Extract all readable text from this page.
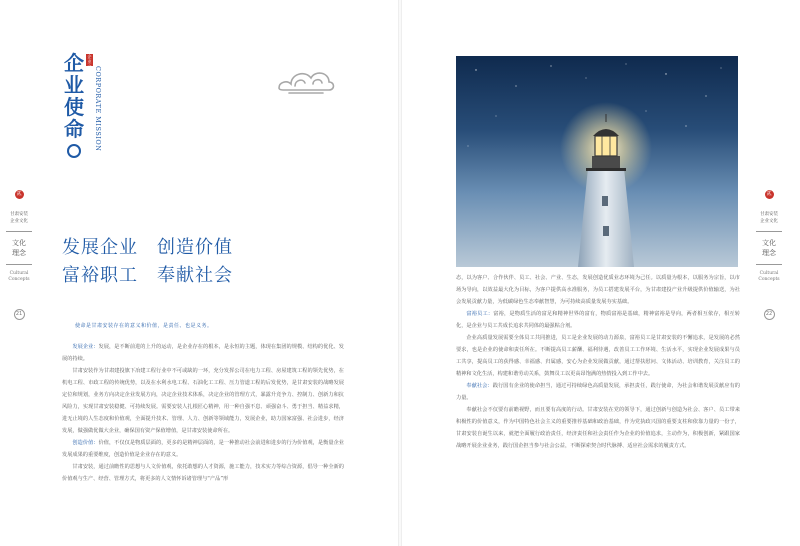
企业文化
企
业
使
命 CORPORATE MISSION
贰
甘肃安装
企业文化
文化
理念
Cultural
Concepts
21
发展企业　创造价值
富裕职工　奉献社会
使命是甘肃安装存在的意义和价值，是责任、也是义务。

发展企业：发展，是不断前进的上升的运动，是企业存在的根本，是永恒的主题，体现在集团的规模、结构的优化、发展的持续。

甘肃安装作为甘肃建投旗下冶建工程行业中不可或缺的一环，充分发挥公司在电力工程、房屋建筑工程的领先优势，在机电工程、市政工程的传统优势，以及在水利水电工程、石油化工工程、压力管道工程的后发优势，是甘肃安装的战略发展定位和规划，业务方向决定企业发展方向，决定企业技术体系，决定企业的管理方式，暴露升竞争力、控制力、创新力和抗风险力，实现甘肃安装稳健、可持续发展。需要安装人扎根匠心精神，用一种自强不息、顽强奋斗、勇于担当、精益求精，进无止境的人生态度和价值观，全面提升技术、管理、人力、创新等领域能力，发展企业，助力国家富强、社会进步，经济发展，做强做优做大企业，确保国有资产保值增值，是甘肃安装使命所在。

创造价值：价值，不仅仅是物质层面的，更多的是精神层面的，是一种推动社会前进和进步的行为价值观，是衡量企业发展成果的重要维度，创造价值是企业存在的意义。

甘肃安装，通过前瞻性的思想与人文价值观，依托敢想的人才资源，施工能力，技术实力等综合资源，倡导一种全新的价值观与生产、经营、管理方式，将更多的人文情怀诉诸管理与“产品”形

贰
甘肃安装
企业文化
文化
理念
Cultural
Concepts
22

态，以为客户、合作伙伴、员工、社会、产业、生态，发展创造优质业态环境为己任。以质量为根本，以服务为宗旨，以市场为导向，以效益最大化为目标，为客户提供高水准服务，为员工搭建发展平台，为甘肃建投产业升级提供价值输送，为社会发展贡献力量，为低碳绿色生态奉献智慧，为可持续高质量发展夯实基础。

富裕员工：富裕，是物质生活的富足和精神世界的富有，物质富裕是基础，精神富裕是导向，两者相互依存，相互转化，是企业与员工共成长追求共同体的最强粘合剂。

企业高质量发展需要全体员工共同推进，员工是企业发展的动力源泉，富裕员工是甘肃安装的不懈追求，是发展的必然要求，也是企业的使命和责任所在。不断提高员工薪酬、福利待遇，改善员工工作环境、生活水平，实现企业发展成果与员工共享，提高员工的获得感、幸福感、归属感，安心为企业发展做贡献，通过帮扶慰问、文体活动、培训教育，关注员工的精神和文化生活，构建和谐劳动关系，鼓舞员工以更高昂饱满的热情投入到工作中去。

奉献社会：践行国有企业的使命担当，通过可持续绿色高质量发展，承担责任，践行使命，为社会和谐发展贡献应有的力量。

奉献社会不仅要有前瞻视野，而且要有高度的行动。甘肃安装在党的领导下，通过创新与创造为社会、客户、员工带来积极性的价值意义，作为中国特色社会主义的重要推荐基础和政治基础，作为党执政兴国的重要支柱和依靠力量的一份子，甘肃安装自诞生以来，就把全面履行政治责任，经济责任和社会责任作为企业的价值追求，主动作为，积极创新，紧跟国家战略开展企业业务，践行国企担当参与社会公益，不断探索契合时代脉搏、适应社会需求的履责方式。
